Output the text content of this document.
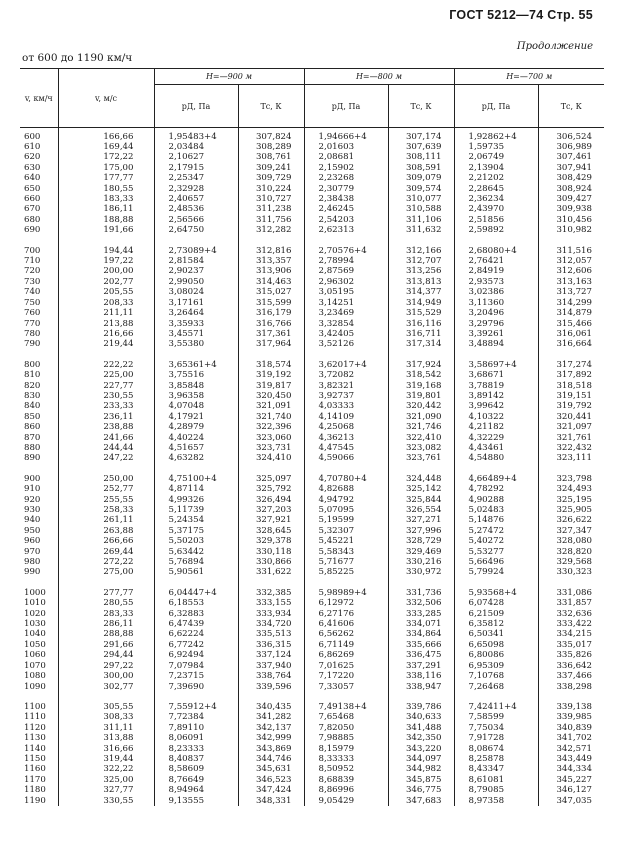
ГОСТ 5212—74 Стр. 55
Продолжение
от 600 до 1190 км/ч
v, км/ч	v, м/с	H=—900 м		H=—800 м		H=—700 м	
		pД, Па	Tс, К	pД, Па	Tс, К	pД, Па	Tс, К
600	166,66	1,95483+4	307,824	1,94666+4	307,174	1,92862+4	306,524
610	169,44	2,03484	308,289	2,01603	307,639	1,59735	306,989
620	172,22	2,10627	308,761	2,08681	308,111	2,06749	307,461
630	175,00	2,17915	309,241	2,15902	308,591	2,13904	307,941
640	177,77	2,25347	309,729	2,23268	309,079	2,21202	308,429
650	180,55	2,32928	310,224	2,30779	309,574	2,28645	308,924
660	183,33	2,40657	310,727	2,38438	310,077	2,36234	309,427
670	186,11	2,48536	311,238	2,46245	310,588	2,43970	309,938
680	188,88	2,56566	311,756	2,54203	311,106	2,51856	310,456
690	191,66	2,64750	312,282	2,62313	311,632	2,59892	310,982

700	194,44	2,73089+4	312,816	2,70576+4	312,166	2,68080+4	311,516
710	197,22	2,81584	313,357	2,78994	312,707	2,76421	312,057
720	200,00	2,90237	313,906	2,87569	313,256	2,84919	312,606
730	202,77	2,99050	314,463	2,96302	313,813	2,93573	313,163
740	205,55	3,08024	315,027	3,05195	314,377	3,02386	313,727
750	208,33	3,17161	315,599	3,14251	314,949	3,11360	314,299
760	211,11	3,26464	316,179	3,23469	315,529	3,20496	314,879
770	213,88	3,35933	316,766	3,32854	316,116	3,29796	315,466
780	216,66	3,45571	317,361	3,42405	316,711	3,39261	316,061
790	219,44	3,55380	317,964	3,52126	317,314	3,48894	316,664

800	222,22	3,65361+4	318,574	3,62017+4	317,924	3,58697+4	317,274
810	225,00	3,75516	319,192	3,72082	318,542	3,68671	317,892
820	227,77	3,85848	319,817	3,82321	319,168	3,78819	318,518
830	230,55	3,96358	320,450	3,92737	319,801	3,89142	319,151
840	233,33	4,07048	321,091	4,03333	320,442	3,99642	319,792
850	236,11	4,17921	321,740	4,14109	321,090	4,10322	320,441
860	238,88	4,28979	322,396	4,25068	321,746	4,21182	321,097
870	241,66	4,40224	323,060	4,36213	322,410	4,32229	321,761
880	244,44	4,51657	323,731	4,47545	323,082	4,43461	322,432
890	247,22	4,63282	324,410	4,59066	323,761	4,54880	323,111

900	250,00	4,75100+4	325,097	4,70780+4	324,448	4,66489+4	323,798
910	252,77	4,87114	325,792	4,82688	325,142	4,78292	324,493
920	255,55	4,99326	326,494	4,94792	325,844	4,90288	325,195
930	258,33	5,11739	327,203	5,07095	326,554	5,02483	325,905
940	261,11	5,24354	327,921	5,19599	327,271	5,14876	326,622
950	263,88	5,37175	328,645	5,32307	327,996	5,27472	327,347
960	266,66	5,50203	329,378	5,45221	328,729	5,40272	328,080
970	269,44	5,63442	330,118	5,58343	329,469	5,53277	328,820
980	272,22	5,76894	330,866	5,71677	330,216	5,66496	329,568
990	275,00	5,90561	331,622	5,85225	330,972	5,79924	330,323

1000	277,77	6,04447+4	332,385	5,98989+4	331,736	5,93568+4	331,086
1010	280,55	6,18553	333,155	6,12972	332,506	6,07428	331,857
1020	283,33	6,32883	333,934	6,27176	333,285	6,21509	332,636
1030	286,11	6,47439	334,720	6,41606	334,071	6,35812	333,422
1040	288,88	6,62224	335,513	6,56262	334,864	6,50341	334,215
1050	291,66	6,77242	336,315	6,71149	335,666	6,65098	335,017
1060	294,44	6,92494	337,124	6,86269	336,475	6,80086	335,826
1070	297,22	7,07984	337,940	7,01625	337,291	6,95309	336,642
1080	300,00	7,23715	338,764	7,17220	338,116	7,10768	337,466
1090	302,77	7,39690	339,596	7,33057	338,947	7,26468	338,298

1100	305,55	7,55912+4	340,435	7,49138+4	339,786	7,42411+4	339,138
1110	308,33	7,72384	341,282	7,65468	340,633	7,58599	339,985
1120	311,11	7,89110	342,137	7,82050	341,488	7,75034	340,839
1130	313,88	8,06091	342,999	7,98885	342,350	7,91728	341,702
1140	316,66	8,23333	343,869	8,15979	343,220	8,08674	342,571
1150	319,44	8,40837	344,746	8,33333	344,097	8,25878	343,449
1160	322,22	8,58609	345,631	8,50952	344,982	8,43347	344,334
1170	325,00	8,76649	346,523	8,68839	345,875	8,61081	345,227
1180	327,77	8,94964	347,424	8,86996	346,775	8,79085	346,127
1190	330,55	9,13555	348,331	9,05429	347,683	8,97358	347,035
